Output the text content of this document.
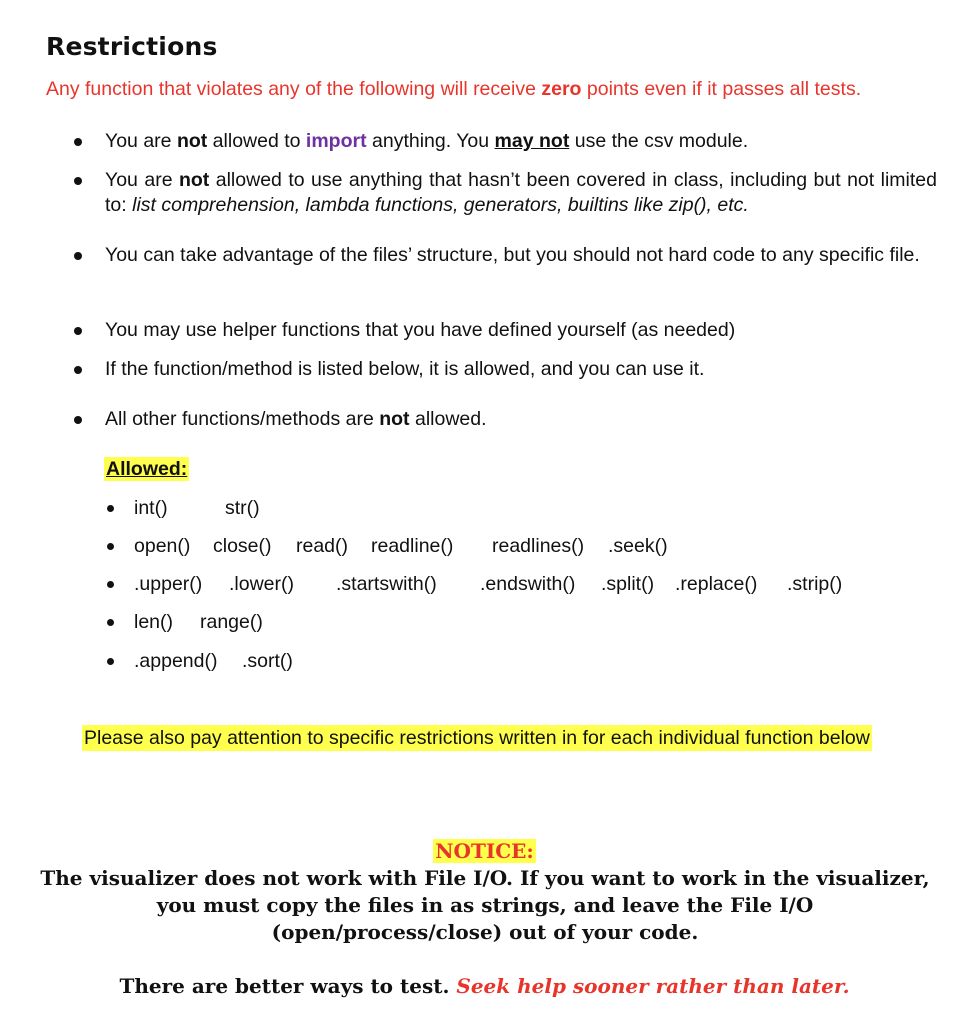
Restrictions
Any function that violates any of the following will receive zero points even if it passes all tests.
You are not allowed to import anything. You may not use the csv module.
You are not allowed to use anything that hasn’t been covered in class, including but not limited to: list comprehension, lambda functions, generators, builtins like zip(), etc.
You can take advantage of the files’ structure, but you should not hard code to any specific file.
You may use helper functions that you have defined yourself (as needed)
If the function/method is listed below, it is allowed, and you can use it.
All other functions/methods are not allowed.
Allowed:
int()	str()
open() close() read() readline() readlines() .seek()
.upper() .lower() .startswith() .endswith() .split() .replace() .strip()
len() range()
.append() .sort()
Please also pay attention to specific restrictions written in for each individual function below
NOTICE:
The visualizer does not work with File I/O. If you want to work in the visualizer, you must copy the files in as strings, and leave the File I/O (open/process/close) out of your code.
There are better ways to test. Seek help sooner rather than later.
